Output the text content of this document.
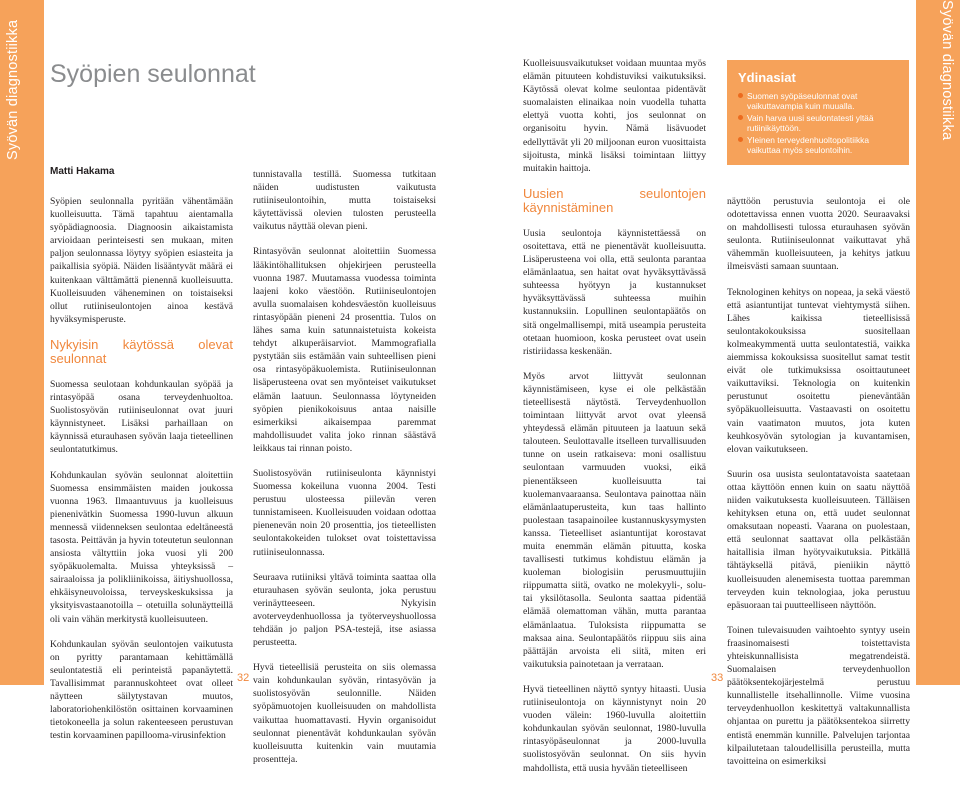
Syövän diagnostiikka	Syövän diagnostiikka
Syöpien seulonnat
Matti Hakama

Syöpien seulonnalla pyritään vähentämään kuolleisuutta. Tämä tapahtuu aientamalla syöpädiagnoosia. Diagnoosin aikaistamista arvioidaan perinteisesti sen mukaan, miten paljon seulonnassa löytyy syöpien esiasteita ja paikallisia syöpiä. Näiden lisääntyvät määrä ei kuitenkaan välttämättä pienennä kuolleisuutta. Kuolleisuuden väheneminen on toistaiseksi ollut rutiiniseulontojen ainoa kestävä hyväksymisperuste.

Nykyisin käytössä olevat seulonnat

Suomessa seulotaan kohdunkaulan syöpää ja rintasyöpää osana terveydenhuoltoa. Suolistosyövän rutiiniseulonnat ovat juuri käynnistyneet. Lisäksi parhaillaan on käynnissä eturauhasen syövän laaja tieteellinen seulontatutkimus.

Kohdunkaulan syövän seulonnat aloitettiin Suomessa ensimmäisten maiden joukossa vuonna 1963. Ilmaantuvuus ja kuolleisuus pienenivätkin Suomessa 1990-luvun alkuun mennessä viidenneksen seulontaa edeltäneestä tasosta. Peittävän ja hyvin toteutetun seulonnan ansiosta vältyttiin joka vuosi yli 200 syöpäkuolemalta. Muissa yhteyksissä – sairaaloissa ja polikliinikoissa, äitiyshuollossa, ehkäisyneuvoloissa, terveyskeskuksissa ja yksityisvastaanotoilla – otetuilla solunäytteillä oli vain vähän merkitystä kuolleisuuteen.

Kohdunkaulan syövän seulontojen vaikutusta on pyritty parantamaan kehittämällä seulontatestiä eli perinteistä papanäytettä. Tavallisimmat parannuskohteet ovat olleet näytteen säilytystavan muutos, laboratoriohenkilöstön osittainen korvaaminen tietokoneella ja solun rakenteeseen perustuvan testin korvaaminen papillooma-virusinfektion

tunnistavalla testillä. Suomessa tutkitaan näiden uudistusten vaikutusta rutiiniseulontoihin, mutta toistaiseksi käytettävissä olevien tulosten perusteella vaikutus näyttää olevan pieni.

Rintasyövän seulonnat aloitettiin Suomessa lääkintöhallituksen ohjekirjeen perusteella vuonna 1987. Muutamassa vuodessa toiminta laajeni koko väestöön. Rutiiniseulontojen avulla suomalaisen kohdesväestön kuolleisuus rintasyöpään pieneni 24 prosenttia. Tulos on lähes sama kuin satunnaistetuista kokeista tehdyt alkuperäisarviot. Mammografialla pystytään siis estämään vain suhteellisen pieni osa rintasyöpäkuolemista. Rutiiniseulonnan lisäperusteena ovat sen myönteiset vaikutukset elämän laatuun. Seulonnassa löytyneiden syöpien pienikokoisuus antaa naisille esimerkiksi aikaisempaa paremmat mahdollisuudet valita joko rinnan säästävä leikkaus tai rinnan poisto.

Suolistosyövän rutiiniseulonta käynnistyi Suomessa kokeiluna vuonna 2004. Testi perustuu ulosteessa piilevän veren tunnistamiseen. Kuolleisuuden voidaan odottaa pienenevän noin 20 prosenttia, jos tieteellisten seulontakokeiden tulokset ovat toistettavissa rutiiniseulonnassa.

Seuraava rutiiniksi yltävä toiminta saattaa olla eturauhasen syövän seulonta, joka perustuu verinäytteeseen. Nykyisin avoterveydenhuollossa ja työterveyshuollossa tehdään jo paljon PSA-testejä, itse asiassa perusteetta.

Hyvä tieteellisiä perusteita on siis olemassa vain kohdunkaulan syövän, rintasyövän ja suolistosyövän seulonnille. Näiden syöpämuotojen kuolleisuuden on mahdollista vaikuttaa huomattavasti. Hyvin organisoidut seulonnat pienentävät kohdunkaulan syövän kuolleisuutta kuitenkin vain muutamia prosentteja.

Kuolleisuusvaikutukset voidaan muuntaa myös elämän pituuteen kohdistuviksi vaikutuksiksi. Käytössä olevat kolme seulontaa pidentävät suomalaisten elinaikaa noin vuodella tuhatta elettyä vuotta kohti, jos seulonnat on organisoitu hyvin. Nämä lisävuodet edellyttävät yli 20 miljoonan euron vuosittaista sijoitusta, minkä lisäksi toimintaan liittyy muitakin haittoja.

Uusien seulontojen käynnistäminen

Uusia seulontoja käynnistettäessä on osoitettava, että ne pienentävät kuolleisuutta. Lisäperusteena voi olla, että seulonta parantaa elämänlaatua, sen haitat ovat hyväksyttävässä suhteessa hyötyyn ja kustannukset hyväksyttävässä suhteessa muihin kustannuksiin. Lopullinen seulontapäätös on sitä ongelmallisempi, mitä useampia perusteita otetaan huomioon, koska perusteet ovat usein ristiriidassa keskenään.

Myös arvot liittyvät seulonnan käynnistämiseen, kyse ei ole pelkästään tieteellisestä näytöstä. Terveydenhuollon toimintaan liittyvät arvot ovat yleensä yhteydessä elämän pituuteen ja laatuun sekä talouteen. Seulottavalle itselleen turvallisuuden tunne on usein ratkaiseva: moni osallistuu seulontaan varmuuden vuoksi, eikä pienentäkseen kuolleisuutta tai kuolemanvaaraansa. Seulontava painottaa näin elämänlaatuperusteita, kun taas hallinto puolestaan tasapainoilee kustannuskysymysten kanssa. Tieteelliset asiantuntijat korostavat muita enemmän elämän pituutta, koska tavallisesti tutkimus kohdistuu elämän ja kuoleman biologisiin perusmuuttujiin riippumatta siitä, ovatko ne molekyyli-, solu- tai yksilötasolla. Seulonta saattaa pidentää elämää olemattoman vähän, mutta parantaa elämänlaatua. Tuloksista riippumatta se maksaa aina. Seulontapäätös riippuu siis aina päättäjän arvoista eli siitä, miten eri vaikutuksia painotetaan ja verrataan.

Hyvä tieteellinen näyttö syntyy hitaasti. Uusia rutiiniseulontoja on käynnistynyt noin 20 vuoden välein: 1960-luvulla aloitettiin kohdunkaulan syövän seulonnat, 1980-luvulla rintasyöpäseulonnat ja 2000-luvulla suolistosyövän seulonnat. On siis hyvin mahdollista, että uusia hyvään tieteelliseen

Ydinasiat
Suomen syöpäseulonnat ovat vaikuttavampia kuin muualla.
Vain harva uusi seulontatesti yltää rutiinikäyttöön.
Yleinen terveydenhuoltopolitiikka vaikuttaa myös seulontoihin.

näyttöön perustuvia seulontoja ei ole odotettavissa ennen vuotta 2020. Seuraavaksi on mahdollisesti tulossa eturauhasen syövän seulonta. Rutiiniseulonnat vaikuttavat yhä vähemmän kuolleisuuteen, ja kehitys jatkuu ilmeisvästi samaan suuntaan.

Teknologinen kehitys on nopeaa, ja sekä väestö että asiantuntijat tuntevat viehtymystä siihen. Lähes kaikissa tieteellisissä seulontakokouksissa suositellaan kolmeakymmentä uutta seulontatestiä, vaikka aiemmissa kokouksissa suositellut samat testit eivät ole tutkimuksissa osoittautuneet vaikuttaviksi. Teknologia on kuitenkin perustunut osoitettu pieneväntään syöpäkuolleisuutta. Vastaavasti on osoitettu vain vaatimaton muutos, jota kuten keuhkosyövän sytologian ja kuvantamisen, elovan vaikutukseen.

Suurin osa uusista seulontatavoista saatetaan ottaa käyttöön ennen kuin on saatu näyttöä niiden vaikutuksesta kuolleisuuteen. Tälläisen kehityksen etuna on, että uudet seulonnat omaksutaan nopeasti. Vaarana on puolestaan, että seulonnat saattavat olla pelkästään haitallisia ilman hyötyvaikutuksia. Pitkällä tähtäyksellä pitävä, pieniikin näyttö kuolleisuuden alenemisesta tuottaa paremman terveyden kuin teknologiaa, joka perustuu epäsuoraan tai puutteelliseen näyttöön.

Toinen tulevaisuuden vaihtoehto syntyy usein fraasinomaisesti toistettavista yhteiskunnallisista megatrendeistä. Suomalaisen terveydenhuollon päätöksentekojärjestelmä perustuu kunnallistelle itsehallinnolle. Viime vuosina terveydenhuollon keskitettyä valtakunnallista ohjantaa on purettu ja päätöksentekoa siirretty entistä enemmän kunnille. Palvelujen tarjontaa kilpailutetaan taloudellisilla perusteilla, mutta tavoitteina on esimerkiksi

32	33
